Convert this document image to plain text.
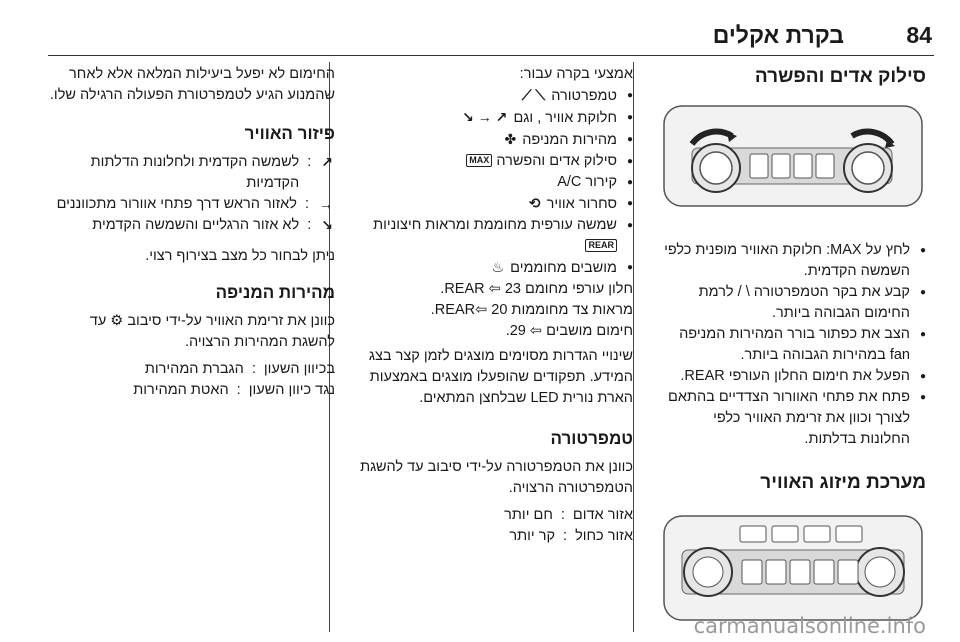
84
בקרת אקלים
סילוק אדים והפשרה
● לחץ על ‪MAX‬: חלוקת האוויר מופנית כלפי השמשה הקדמית.
● קבע את בקר הטמפרטורה ‪/ \‬ לרמת החימום הגבוהה ביותר.
● הצב את כפתור בורר המהירות המניפה ‪fan‬ במהירות הגבוהה ביותר.
● הפעל את חימום החלון העורפי ‪REAR‬.
● פתח את פתחי האוורור הצדדיים בהתאם לצורך וכוון את זרימת האוויר כלפי החלונות בדלתות.
מערכת מיזוג האוויר

אמצעי בקרה עבור:

● טמפרטורה ⟋ ⟍
● חלוקת אוויר , וגם ↗ → ↘
● מהירות המניפה ✤
● סילוק אדים והפשרה MAX
● קירור A/C
● סחרור אוויר ⟲
● שמשה עורפית מחוממת ומראות חיצוניות REAR
● מושבים מחוממים ♨

חלון עורפי מחומם ‪REAR‬ ⇦ 23.

מראות צד מחוממות ‪REAR‬⇦ 20.

חימום מושבים ⇦ 29.

שינויי הגדרות מסוימים מוצגים לזמן קצר בצג המידע. תפקודים שהופעלו מוצגים באמצעות הארת נורית LED שבלחצן המתאים.

טמפרטורה

כוונן את הטמפרטורה על-ידי סיבוב עד להשגת הטמפרטורה הרצויה.

אזור אדום
:
חם יותר
אזור כחול
:
קר יותר

החימום לא יפעל ביעילות המלאה אלא לאחר שהמנוע הגיע לטמפרטורת הפעולה הרגילה שלו.

פיזור האוויר
↗
:
לשמשה הקדמית ולחלונות הדלתות הקדמיות
→
:
לאזור הראש דרך פתחי אוורור מתכווננים
↘
:
לא אזור הרגליים והשמשה הקדמית

ניתן לבחור כל מצב בצירוף רצוי.

מהירות המניפה

כוונן את זרימת האוויר על-ידי סיבוב ⚙ עד להשגת המהירות הרצויה.

בכיוון השעון
:
הגברת המהירות
נגד כיוון השעון
:
האטת המהירות
carmanualsonline.info
